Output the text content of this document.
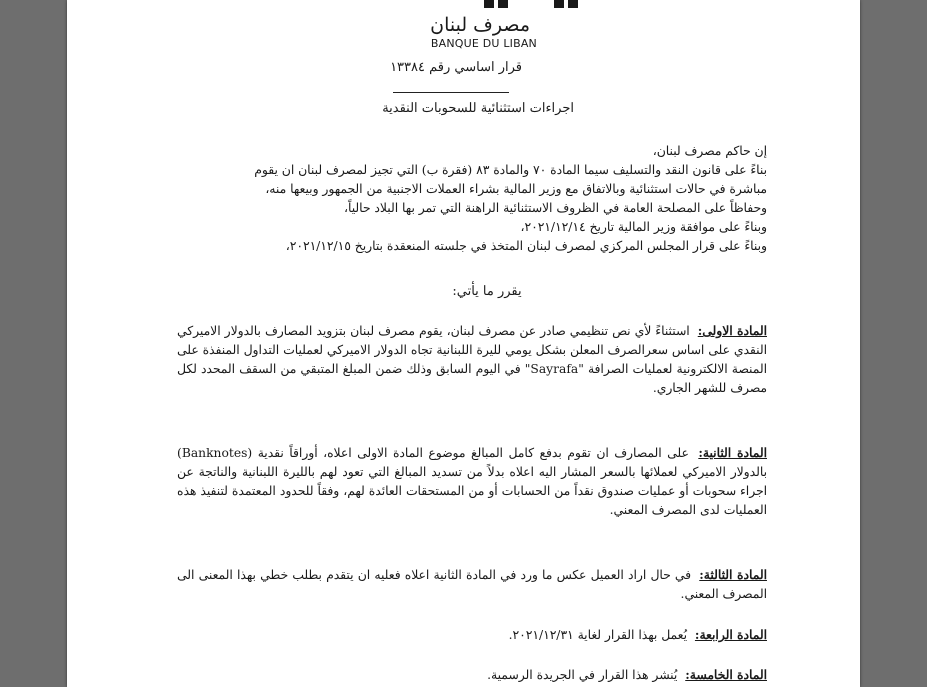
مصرف لبنان
BANQUE DU LIBAN
قرار اساسي رقم ١٣٣٨٤
اجراءات استثنائية للسحوبات النقدية
إن حاكم مصرف لبنان،
بناءً على قانون النقد والتسليف سيما المادة ٧٠ والمادة ٨٣ (فقرة ب) التي تجيز لمصرف لبنان ان يقوم
مباشرة في حالات استثنائية وبالاتفاق مع وزير المالية بشراء العملات الاجنبية من الجمهور وبيعها منه،
وحفاظاً على المصلحة العامة في الظروف الاستثنائية الراهنة التي تمر بها البلاد حالياً،
وبناءً على موافقة وزير المالية تاريخ ٢٠٢١/١٢/١٤،
وبناءً على قرار المجلس المركزي لمصرف لبنان المتخذ في جلسته المنعقدة بتاريخ ٢٠٢١/١٢/١٥،
يقرر ما يأتي:
المادة الاولى: استثناءً لأي نص تنظيمي صادر عن مصرف لبنان، يقوم مصرف لبنان بتزويد المصارف بالدولار الاميركي النقدي على اساس سعرالصرف المعلن بشكل يومي لليرة اللبنانية تجاه الدولار الاميركي لعمليات التداول المنفذة على المنصة الالكترونية لعمليات الصرافة "Sayrafa" في اليوم السابق وذلك ضمن المبلغ المتبقي من السقف المحدد لكل مصرف للشهر الجاري.
المادة الثانية: على المصارف ان تقوم بدفع كامل المبالغ موضوع المادة الاولى اعلاه، أوراقاً نقدية (Banknotes) بالدولار الاميركي لعملائها بالسعر المشار اليه اعلاه بدلاً من تسديد المبالغ التي تعود لهم بالليرة اللبنانية والناتجة عن اجراء سحوبات أو عمليات صندوق نقداً من الحسابات أو من المستحقات العائدة لهم، وفقاً للحدود المعتمدة لتنفيذ هذه العمليات لدى المصرف المعني.
المادة الثالثة: في حال اراد العميل عكس ما ورد في المادة الثانية اعلاه فعليه ان يتقدم بطلب خطي بهذا المعنى الى المصرف المعني.
المادة الرابعة: يُعمل بهذا القرار لغاية ٢٠٢١/١٢/٣١.
المادة الخامسة: يُنشر هذا القرار في الجريدة الرسمية.
